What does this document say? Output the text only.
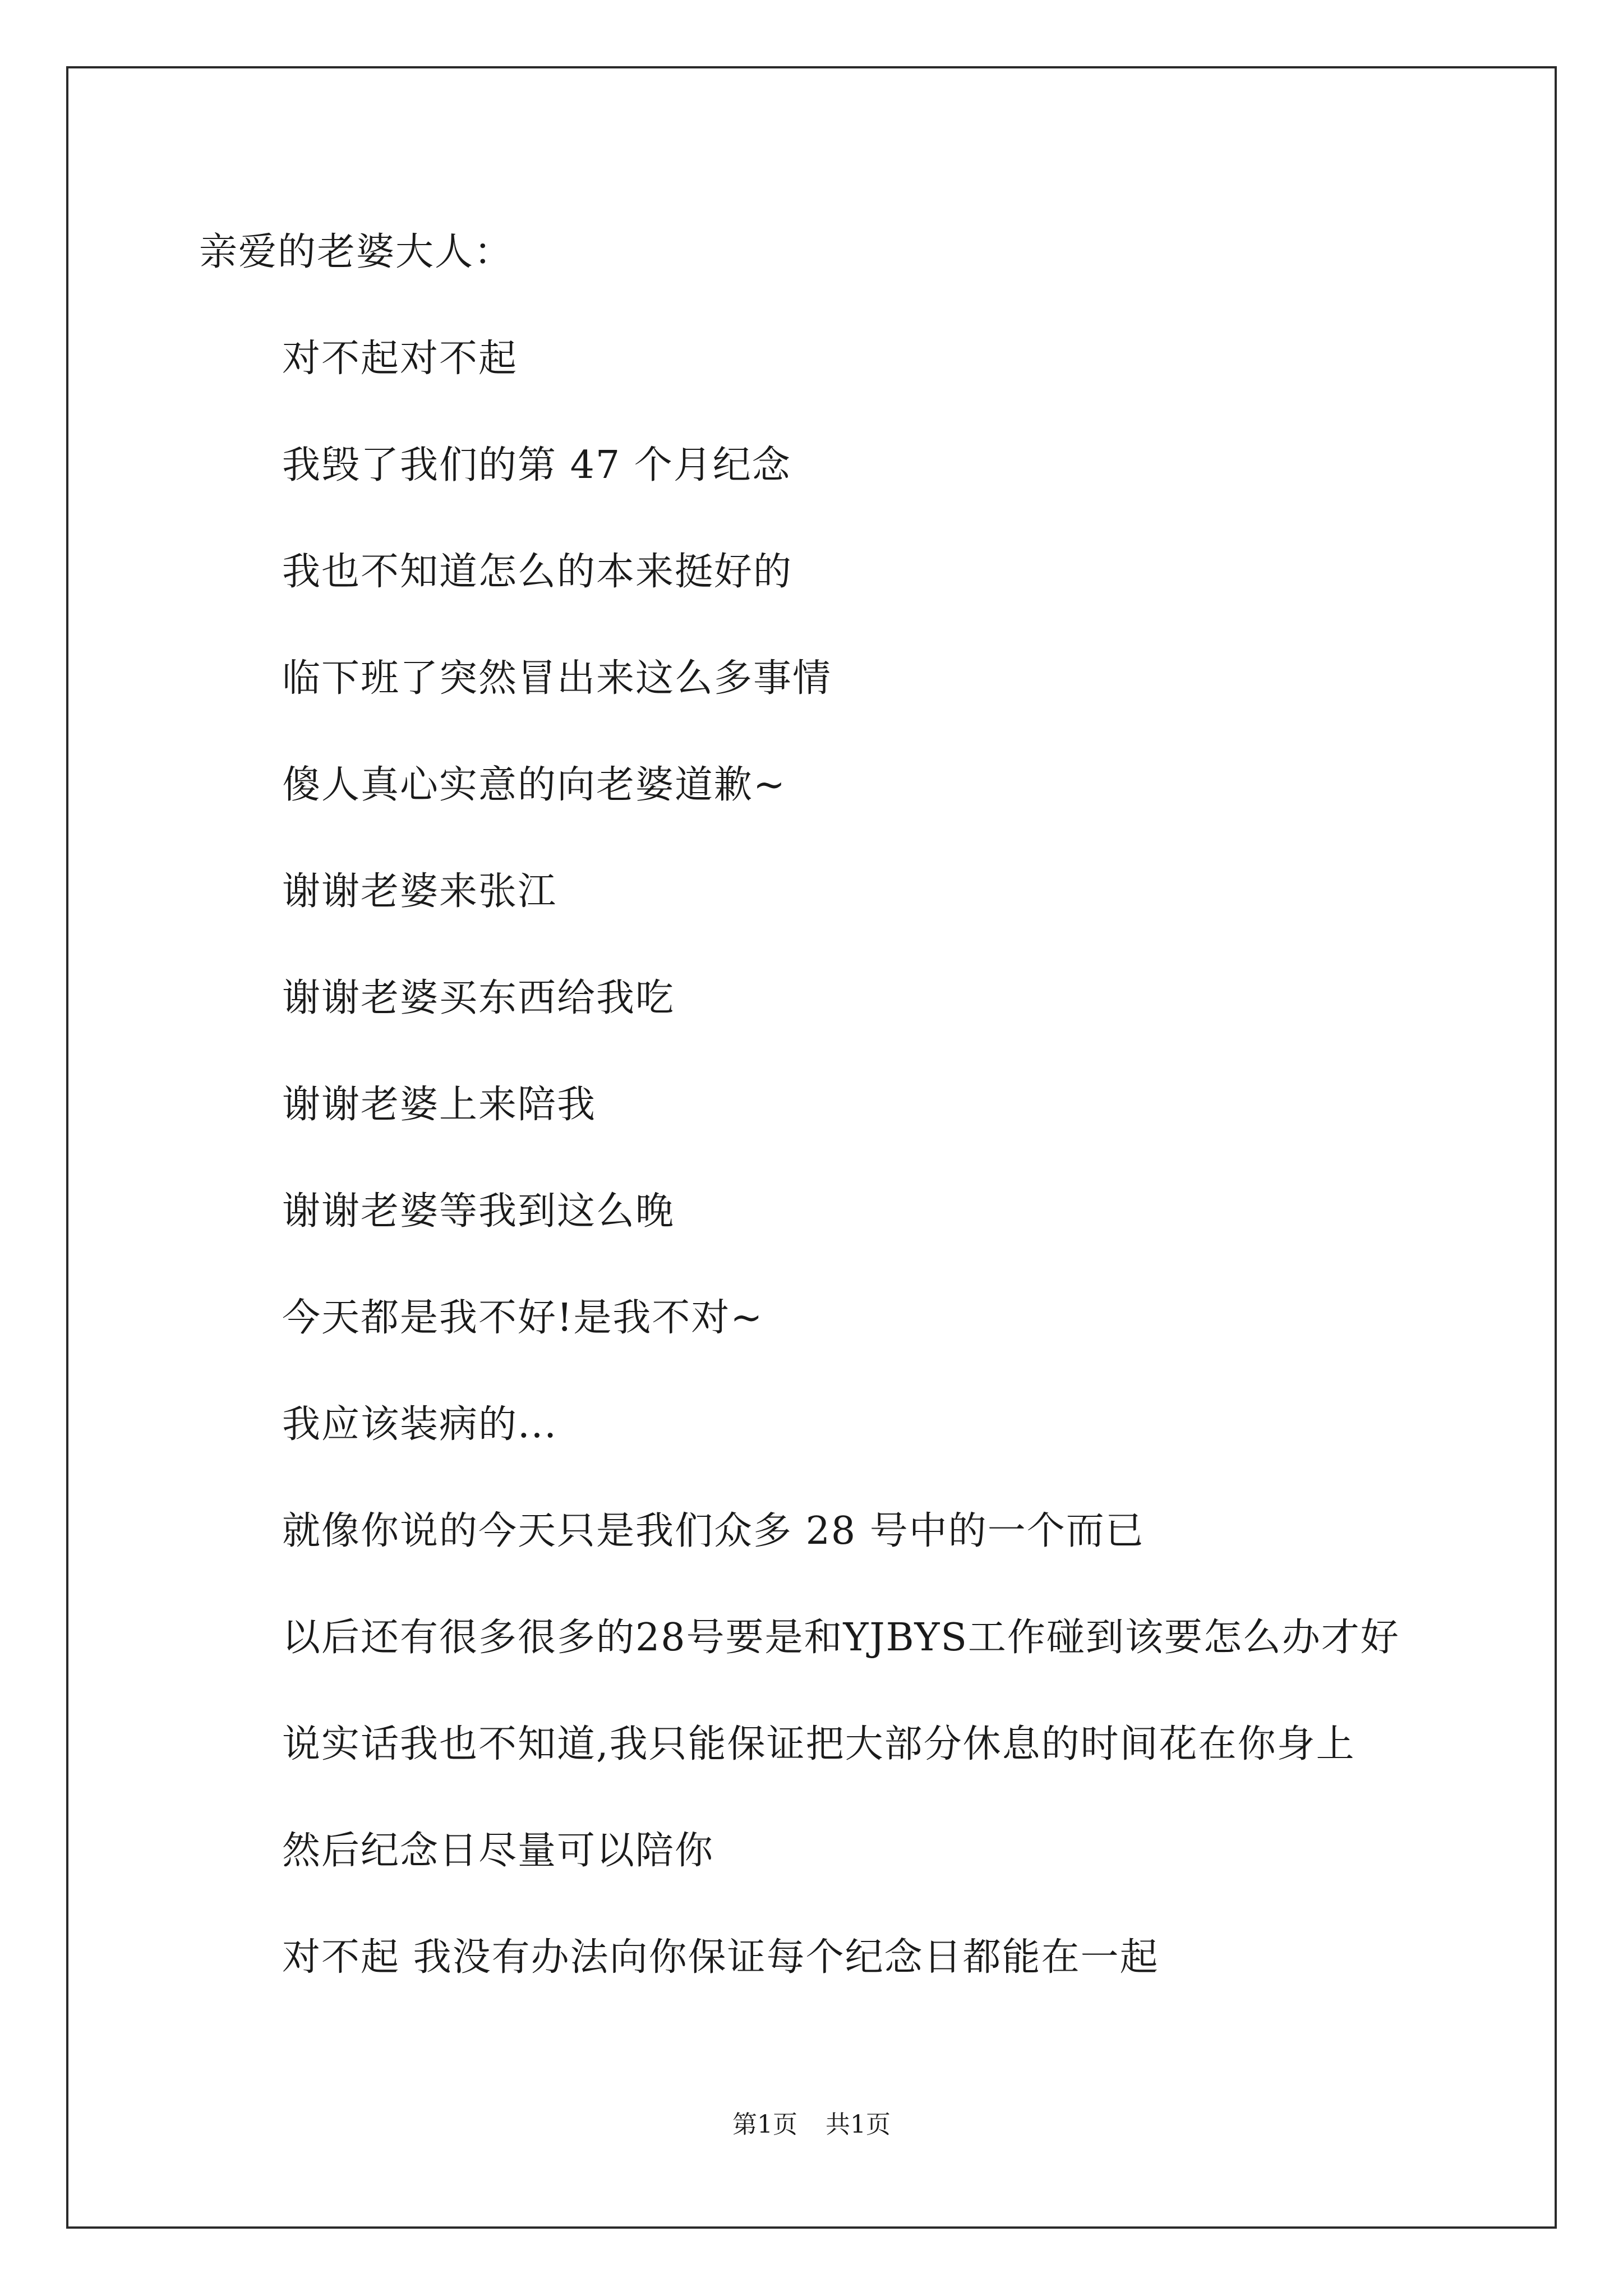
亲爱的老婆大人：
对不起对不起
我毁了我们的第 47 个月纪念
我也不知道怎么的本来挺好的
临下班了突然冒出来这么多事情
傻人真心实意的向老婆道歉~
谢谢老婆来张江
谢谢老婆买东西给我吃
谢谢老婆上来陪我
谢谢老婆等我到这么晚
今天都是我不好!是我不对~
我应该装病的...
就像你说的今天只是我们众多 28 号中的一个而已
以后还有很多很多的28号要是和YJBYS工作碰到该要怎么办才好
说实话我也不知道,我只能保证把大部分休息的时间花在你身上
然后纪念日尽量可以陪你
对不起 我没有办法向你保证每个纪念日都能在一起
第1页 共1页
